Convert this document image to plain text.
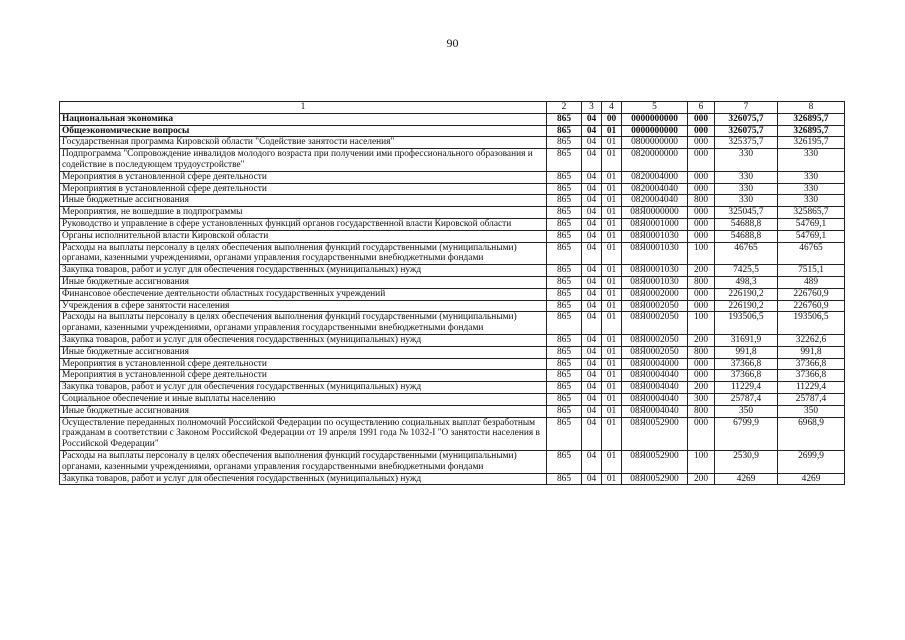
90
1	2	3	4	5	6	7	8
Национальная экономика	865	04	00	0000000000	000	326075,7	326895,7
Общеэкономические вопросы	865	04	01	0000000000	000	326075,7	326895,7
Государственная программа Кировской области "Содействие занятости населения"	865	04	01	0800000000	000	325375,7	326195,7
Подпрограмма "Сопровождение инвалидов молодого возраста при получении ими профессионального образования и содействие в последующем трудоустройстве"	865	04	01	0820000000	000	330	330
Мероприятия в установленной сфере деятельности	865	04	01	0820004000	000	330	330
Мероприятия в установленной сфере деятельности	865	04	01	0820004040	000	330	330
Иные бюджетные ассигнования	865	04	01	0820004040	800	330	330
Мероприятия, не вошедшие в подпрограммы	865	04	01	08Я0000000	000	325045,7	325865,7
Руководство и управление в сфере установленных функций органов государственной власти Кировской области	865	04	01	08Я0001000	000	54688,8	54769,1
Органы исполнительной власти Кировской области	865	04	01	08Я0001030	000	54688,8	54769,1
Расходы на выплаты персоналу в целях обеспечения выполнения функций государственными (муниципальными) органами, казенными учреждениями, органами управления государственными внебюджетными фондами	865	04	01	08Я0001030	100	46765	46765
Закупка товаров, работ и услуг для обеспечения государственных (муниципальных) нужд	865	04	01	08Я0001030	200	7425,5	7515,1
Иные бюджетные ассигнования	865	04	01	08Я0001030	800	498,3	489
Финансовое обеспечение деятельности областных государственных учреждений	865	04	01	08Я0002000	000	226190,2	226760,9
Учреждения в сфере занятости населения	865	04	01	08Я0002050	000	226190,2	226760,9
Расходы на выплаты персоналу в целях обеспечения выполнения функций государственными (муниципальными) органами, казенными учреждениями, органами управления государственными внебюджетными фондами	865	04	01	08Я0002050	100	193506,5	193506,5
Закупка товаров, работ и услуг для обеспечения государственных (муниципальных) нужд	865	04	01	08Я0002050	200	31691,9	32262,6
Иные бюджетные ассигнования	865	04	01	08Я0002050	800	991,8	991,8
Мероприятия в установленной сфере деятельности	865	04	01	08Я0004000	000	37366,8	37366,8
Мероприятия в установленной сфере деятельности	865	04	01	08Я0004040	000	37366,8	37366,8
Закупка товаров, работ и услуг для обеспечения государственных (муниципальных) нужд	865	04	01	08Я0004040	200	11229,4	11229,4
Социальное обеспечение и иные выплаты населению	865	04	01	08Я0004040	300	25787,4	25787,4
Иные бюджетные ассигнования	865	04	01	08Я0004040	800	350	350
Осуществление переданных полномочий Российской Федерации по осуществлению социальных выплат безработным гражданам в соответствии с Законом Российской Федерации от 19 апреля 1991 года № 1032-I "О занятости населения в Российской Федерации"	865	04	01	08Я0052900	000	6799,9	6968,9
Расходы на выплаты персоналу в целях обеспечения выполнения функций государственными (муниципальными) органами, казенными учреждениями, органами управления государственными внебюджетными фондами	865	04	01	08Я0052900	100	2530,9	2699,9
Закупка товаров, работ и услуг для обеспечения государственных (муниципальных) нужд	865	04	01	08Я0052900	200	4269	4269
